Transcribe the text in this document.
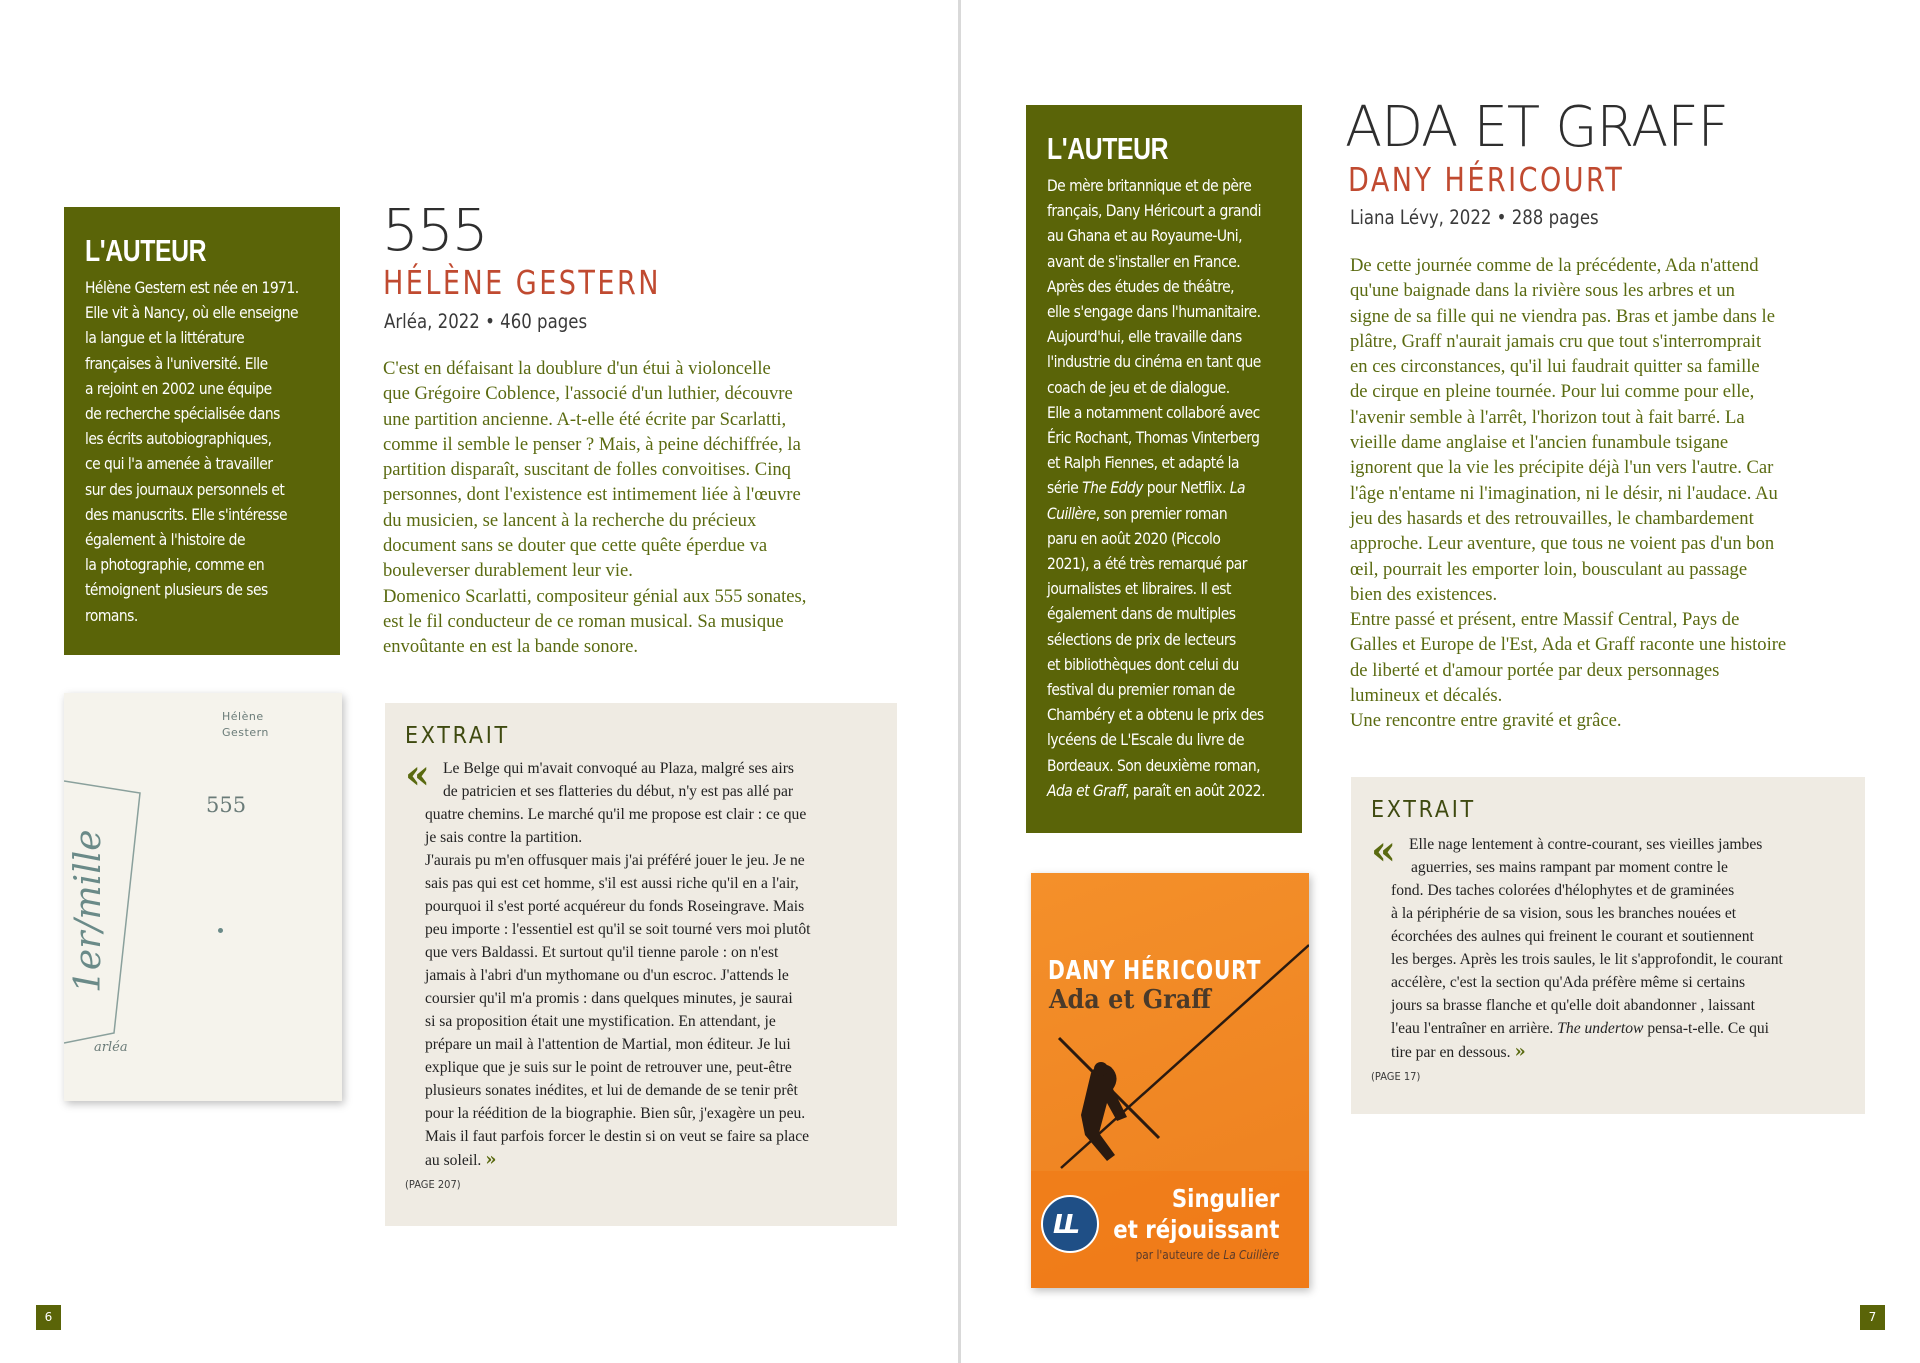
L'AUTEUR

Hélène Gestern est née en 1971.

Elle vit à Nancy, où elle enseigne

la langue et la littérature

françaises à l'université. Elle

a rejoint en 2002 une équipe

de recherche spécialisée dans

les écrits autobiographiques,

ce qui l'a amenée à travailler

sur des journaux personnels et

des manuscrits. Elle s'intéresse

également à l'histoire de

la photographie, comme en

témoignent plusieurs de ses

romans.

555
HÉLÈNE GESTERN
Arléa, 2022 • 460 pages

C'est en défaisant la doublure d'un étui à violoncelle

que Grégoire Coblence, l'associé d'un luthier, découvre

une partition ancienne. A-t-elle été écrite par Scarlatti,

comme il semble le penser ? Mais, à peine déchiffrée, la

partition disparaît, suscitant de folles convoitises. Cinq

personnes, dont l'existence est intimement liée à l'œuvre

du musicien, se lancent à la recherche du précieux

document sans se douter que cette quête éperdue va

bouleverser durablement leur vie.

Domenico Scarlatti, compositeur génial aux 555 sonates,

est le fil conducteur de ce roman musical. Sa musique

envoûtante en est la bande sonore.

Hélène
Gestern
555
1er/mille
arléa
EXTRAIT
« Le Belge qui m'avait convoqué au Plaza, malgré ses airs

de patricien et ses flatteries du début, n'y est pas allé par

quatre chemins. Le marché qu'il me propose est clair : ce que

je sais contre la partition.

J'aurais pu m'en offusquer mais j'ai préféré jouer le jeu. Je ne

sais pas qui est cet homme, s'il est aussi riche qu'il en a l'air,

pourquoi il s'est porté acquéreur du fonds Roseingrave. Mais

peu importe : l'essentiel est qu'il se soit tourné vers moi plutôt

que vers Baldassi. Et surtout qu'il tienne parole : on n'est

jamais à l'abri d'un mythomane ou d'un escroc. J'attends le

coursier qu'il m'a promis : dans quelques minutes, je saurai

si sa proposition était une mystification. En attendant, je

prépare un mail à l'attention de Martial, mon éditeur. Je lui

explique que je suis sur le point de retrouver une, peut-être

plusieurs sonates inédites, et lui de demande de se tenir prêt

pour la réédition de la biographie. Bien sûr, j'exagère un peu.

Mais il faut parfois forcer le destin si on veut se faire sa place

au soleil. »

(PAGE 207)
6
L'AUTEUR

De mère britannique et de père

français, Dany Héricourt a grandi

au Ghana et au Royaume-Uni,

avant de s'installer en France.

Après des études de théâtre,

elle s'engage dans l'humanitaire.

Aujourd'hui, elle travaille dans

l'industrie du cinéma en tant que

coach de jeu et de dialogue.

Elle a notamment collaboré avec

Éric Rochant, Thomas Vinterberg

et Ralph Fiennes, et adapté la

série The Eddy pour Netflix. La

Cuillère, son premier roman

paru en août 2020 (Piccolo

2021), a été très remarqué par

journalistes et libraires. Il est

également dans de multiples

sélections de prix de lecteurs

et bibliothèques dont celui du

festival du premier roman de

Chambéry et a obtenu le prix des

lycéens de L'Escale du livre de

Bordeaux. Son deuxième roman,

Ada et Graff, paraît en août 2022.

ADA ET GRAFF
DANY HÉRICOURT
Liana Lévy, 2022 • 288 pages

De cette journée comme de la précédente, Ada n'attend

qu'une baignade dans la rivière sous les arbres et un

signe de sa fille qui ne viendra pas. Bras et jambe dans le

plâtre, Graff n'aurait jamais cru que tout s'interromprait

en ces circonstances, qu'il lui faudrait quitter sa famille

de cirque en pleine tournée. Pour lui comme pour elle,

l'avenir semble à l'arrêt, l'horizon tout à fait barré. La

vieille dame anglaise et l'ancien funambule tsigane

ignorent que la vie les précipite déjà l'un vers l'autre. Car

l'âge n'entame ni l'imagination, ni le désir, ni l'audace. Au

jeu des hasards et des retrouvailles, le chambardement

approche. Leur aventure, que tous ne voient pas d'un bon

œil, pourrait les emporter loin, bousculant au passage

bien des existences.

Entre passé et présent, entre Massif Central, Pays de

Galles et Europe de l'Est, Ada et Graff raconte une histoire

de liberté et d'amour portée par deux personnages

lumineux et décalés.

Une rencontre entre gravité et grâce.

EXTRAIT
« Elle nage lentement à contre-courant, ses vieilles jambes

aguerries, ses mains rampant par moment contre le

fond. Des taches colorées d'hélophytes et de graminées

à la périphérie de sa vision, sous les branches nouées et

écorchées des aulnes qui freinent le courant et soutiennent

les berges. Après les trois saules, le lit s'approfondit, le courant

accélère, c'est la section qu'Ada préfère même si certains

jours sa brasse flanche et qu'elle doit abandonner , laissant

l'eau l'entraîner en arrière. The undertow pensa-t-elle. Ce qui

tire par en dessous. »

(PAGE 17)
DANY HÉRICOURT
Ada et Graff
LL
Singulier
et réjouissant
par l'auteure de La Cuillère
7
